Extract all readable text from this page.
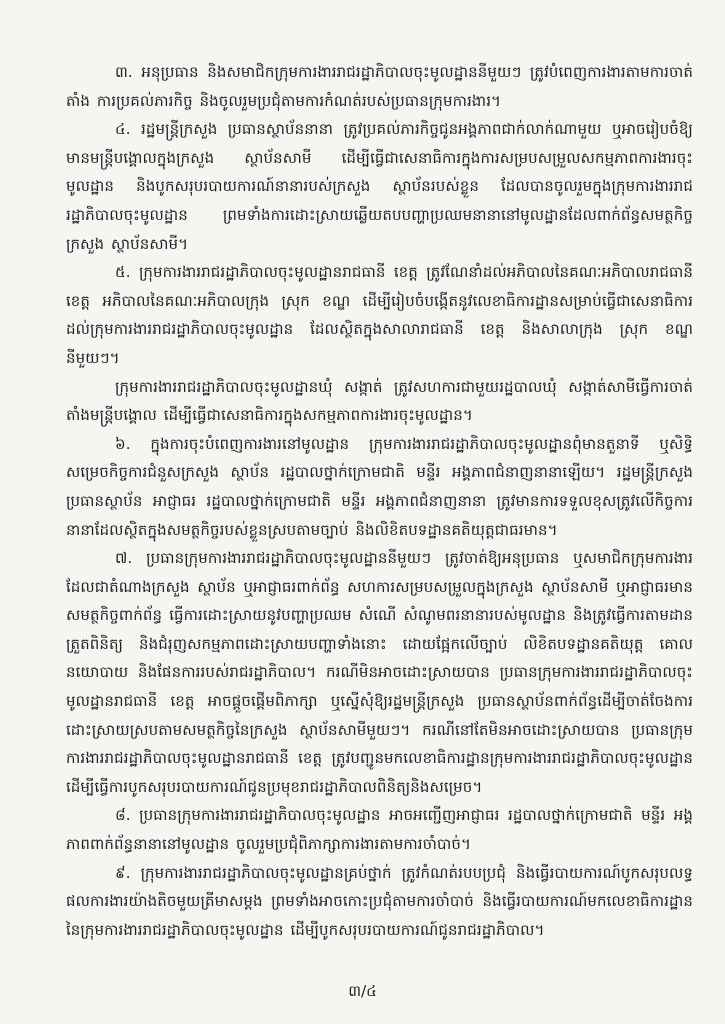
៣. អនុប្រធាន និងសមាជិកក្រុមការងាររាជរដ្ឋាភិបាលចុះមូលដ្ឋាននីមួយៗ ត្រូវបំពេញការងារតាមការចាត់តាំង ការប្រគល់ភារកិច្ច និងចូលរួមប្រជុំតាមការកំណត់របស់ប្រធានក្រុមការងារ។

៤. រដ្ឋមន្ត្រីក្រសួង ប្រធានស្ថាប័ននានា ត្រូវប្រគល់ភារកិច្ចជូនអង្គភាពជាក់លាក់ណាមួយ ឬអាចរៀបចំឱ្យមានមន្ត្រីបង្គោលក្នុងក្រសួង ស្ថាប័នសាមី ដើម្បីធ្វើជាសេនាធិការក្នុងការសម្របសម្រួលសកម្មភាពការងារចុះមូលដ្ឋាន និងបូកសរុបរបាយការណ៍នានារបស់ក្រសួង ស្ថាប័នរបស់ខ្លួន ដែលបានចូលរួមក្នុងក្រុមការងាររាជរដ្ឋាភិបាលចុះមូលដ្ឋាន ព្រមទាំងការដោះស្រាយឆ្លើយតបបញ្ហាប្រឈមនានានៅមូលដ្ឋានដែលពាក់ព័ន្ធសមត្ថកិច្ចក្រសួង ស្ថាប័នសាមី។

៥. ក្រុមការងាររាជរដ្ឋាភិបាលចុះមូលដ្ឋានរាជធានី ខេត្ត ត្រូវណែនាំដល់អភិបាលនៃគណៈអភិបាលរាជធានី ខេត្ត អភិបាលនៃគណៈអភិបាលក្រុង ស្រុក ខណ្ឌ ដើម្បីរៀបចំបង្កើតនូវលេខាធិការដ្ឋានសម្រាប់ធ្វើជាសេនាធិការដល់ក្រុមការងាររាជរដ្ឋាភិបាលចុះមូលដ្ឋាន ដែលស្ថិតក្នុងសាលារាជធានី ខេត្ត និងសាលាក្រុង ស្រុក ខណ្ឌនីមួយៗ។

ក្រុមការងាររាជរដ្ឋាភិបាលចុះមូលដ្ឋានឃុំ សង្កាត់ ត្រូវសហការជាមួយរដ្ឋបាលឃុំ សង្កាត់សាមីធ្វើការចាត់តាំងមន្ត្រីបង្គោល ដើម្បីធ្វើជាសេនាធិការក្នុងសកម្មភាពការងារចុះមូលដ្ឋាន។

៦. ក្នុងការចុះបំពេញការងារនៅមូលដ្ឋាន ក្រុមការងាររាជរដ្ឋាភិបាលចុះមូលដ្ឋានពុំមានតួនាទី ឬសិទ្ធិសម្រេចកិច្ចការជំនួសក្រសួង ស្ថាប័ន រដ្ឋបាលថ្នាក់ក្រោមជាតិ មន្ទីរ អង្គភាពជំនាញនានាឡើយ។ រដ្ឋមន្ត្រីក្រសួង ប្រធានស្ថាប័ន អាជ្ញាធរ រដ្ឋបាលថ្នាក់ក្រោមជាតិ មន្ទីរ អង្គភាពជំនាញនានា ត្រូវមានការទទួលខុសត្រូវលើកិច្ចការនានាដែលស្ថិតក្នុងសមត្ថកិច្ចរបស់ខ្លួនស្របតាមច្បាប់ និងលិខិតបទដ្ឋានគតិយុត្តជាធរមាន។

៧. ប្រធានក្រុមការងាររាជរដ្ឋាភិបាលចុះមូលដ្ឋាននីមួយៗ ត្រូវចាត់ឱ្យអនុប្រធាន ឬសមាជិកក្រុមការងារដែលជាតំណាងក្រសួង ស្ថាប័ន ឬអាជ្ញាធរពាក់ព័ន្ធ សហការសម្របសម្រួលក្នុងក្រសួង ស្ថាប័នសាមី ឬអាជ្ញាធរមានសមត្ថកិច្ចពាក់ព័ន្ធ ធ្វើការដោះស្រាយនូវបញ្ហាប្រឈម សំណើ សំណូមពរនានារបស់មូលដ្ឋាន និងត្រូវធ្វើការតាមដាន ត្រួតពិនិត្យ និងជំរុញសកម្មភាពដោះស្រាយបញ្ហាទាំងនោះ ដោយផ្អែកលើច្បាប់ លិខិតបទដ្ឋានគតិយុត្ត គោលនយោបាយ និងផែនការរបស់រាជរដ្ឋាភិបាល។ ករណីមិនអាចដោះស្រាយបាន ប្រធានក្រុមការងាររាជរដ្ឋាភិបាលចុះមូលដ្ឋានរាជធានី ខេត្ត អាចផ្តួចផ្តើមពិភាក្សា ឬស្នើសុំឱ្យរដ្ឋមន្ត្រីក្រសួង ប្រធានស្ថាប័នពាក់ព័ន្ធដើម្បីចាត់ចែងការដោះស្រាយស្របតាមសមត្ថកិច្ចនៃក្រសួង ស្ថាប័នសាមីមួយៗ។ ករណីនៅតែមិនអាចដោះស្រាយបាន ប្រធានក្រុមការងាររាជរដ្ឋាភិបាលចុះមូលដ្ឋានរាជធានី ខេត្ត ត្រូវបញ្ជូនមកលេខាធិការដ្ឋានក្រុមការងាររាជរដ្ឋាភិបាលចុះមូលដ្ឋាន ដើម្បីធ្វើការបូកសរុបរបាយការណ៍ជូនប្រមុខរាជរដ្ឋាភិបាលពិនិត្យនិងសម្រេច។

៨. ប្រធានក្រុមការងាររាជរដ្ឋាភិបាលចុះមូលដ្ឋាន អាចអញ្ជើញអាជ្ញាធរ រដ្ឋបាលថ្នាក់ក្រោមជាតិ មន្ទីរ អង្គភាពពាក់ព័ន្ធនានានៅមូលដ្ឋាន ចូលរួមប្រជុំពិភាក្សាការងារតាមការចាំបាច់។

៩. ក្រុមការងាររាជរដ្ឋាភិបាលចុះមូលដ្ឋានគ្រប់ថ្នាក់ ត្រូវកំណត់របបប្រជុំ និងធ្វើរបាយការណ៍បូកសរុបលទ្ធផលការងារយ៉ាងតិចមួយត្រីមាសម្តង ព្រមទាំងអាចកោះប្រជុំតាមការចាំបាច់ និងធ្វើរបាយការណ៍មកលេខាធិការដ្ឋាននៃក្រុមការងាររាជរដ្ឋាភិបាលចុះមូលដ្ឋាន ដើម្បីបូកសរុបរបាយការណ៍ជូនរាជរដ្ឋាភិបាល។

៣/៤
